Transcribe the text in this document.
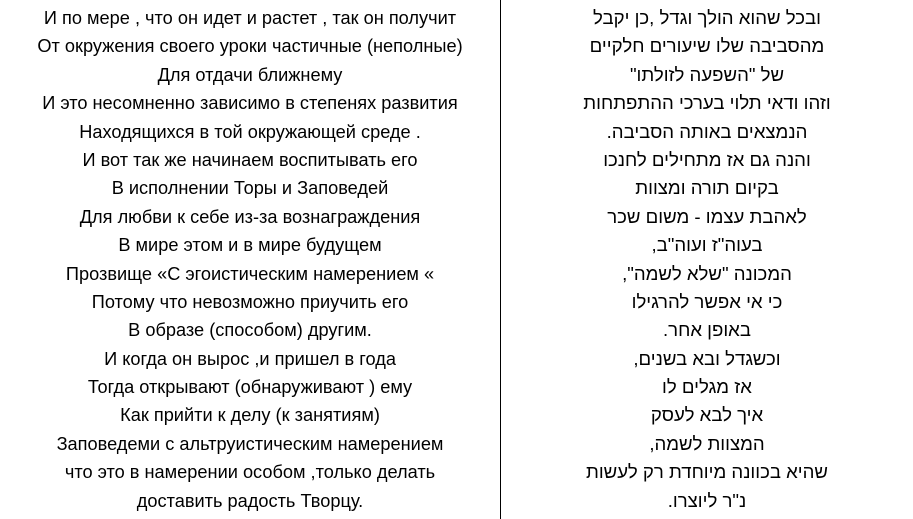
И по мере , что он идет и растет , так он получит
От окружения своего уроки частичные (неполные)
Для отдачи ближнему
И это несомненно зависимо в степенях развития
Находящихся в той окружающей среде .
И вот так же начинаем воспитывать его
В исполнении Торы и Заповедей
Для любви к себе из-за вознаграждения
В мире этом и в мире будущем
Прозвище «С эгоистическим намерением «
Потому что невозможно приучить его
В образе (способом) другим.
И когда он вырос ,и пришел в года
Тогда открывают (обнаруживают ) ему
Как прийти к делу (к занятиям)
Заповедеми с альтруистическим намерением
что это в намерении особом ,только делать
доставить радость Творцу.
ובכל שהוא הולך וגדל ,כן יקבל
מהסביבה שלו שיעורים חלקיים
של "השפעה לזולתו"
וזהו ודאי תלוי בערכי ההתפתחות
הנמצאים באותה הסביבה.
והנה גם אז מתחילים לחנכו
בקיום תורה ומצוות
לאהבת עצמו - משום שכר
בעוה"ז ועוה"ב,
המכונה "שלא לשמה",
כי אי אפשר להרגילו
באופן אחר.
וכשגדל ובא בשנים,
אז מגלים לו
איך לבא לעסק
המצוות לשמה,
שהיא בכוונה מיוחדת רק לעשות
נ"ר ליוצרו.
